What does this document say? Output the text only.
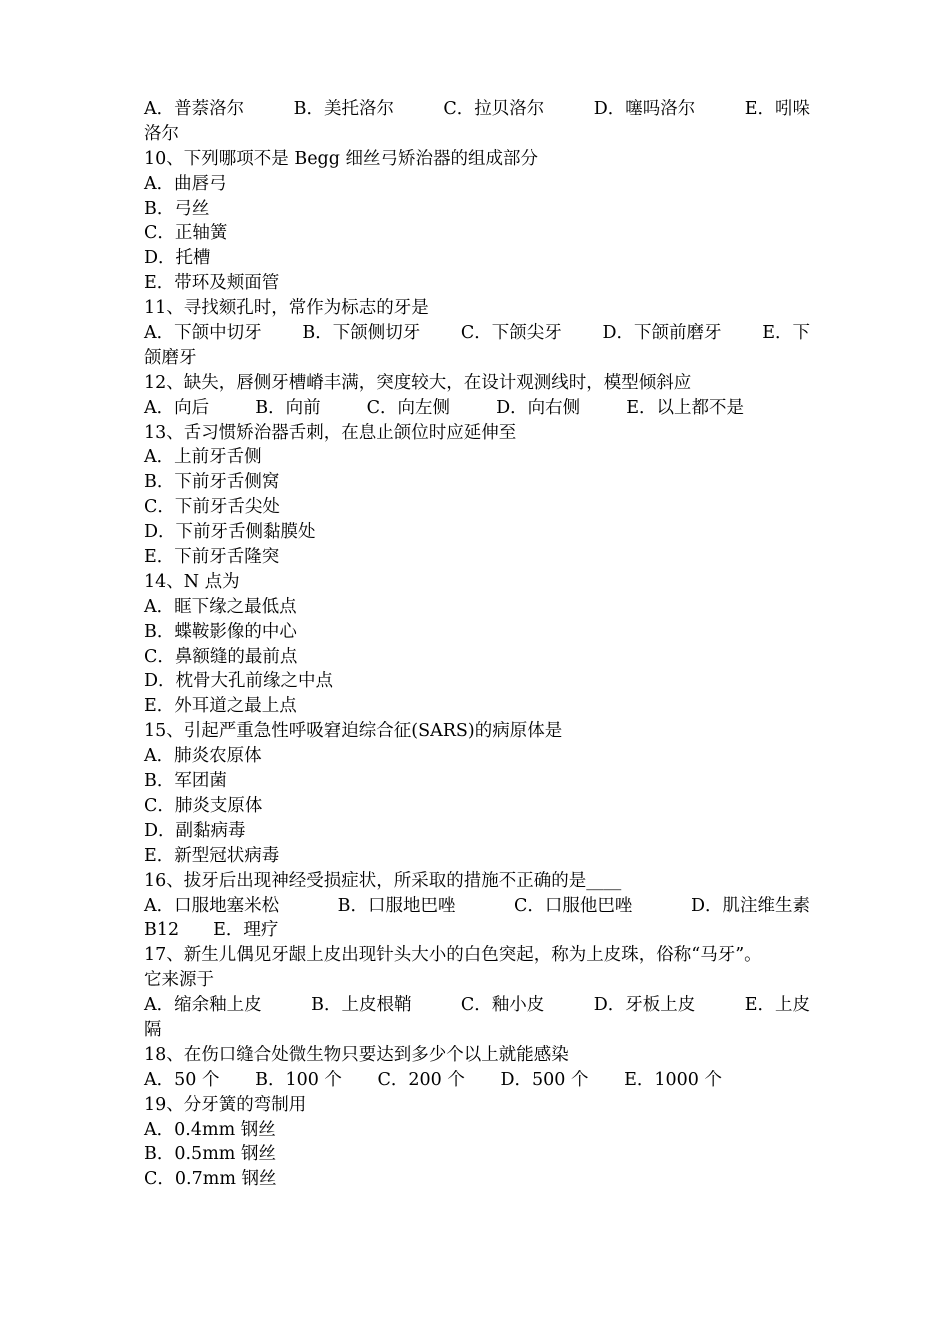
A．普萘洛尔	B．美托洛尔	C．拉贝洛尔	D．噻吗洛尔	E．吲哚
洛尔
10、下列哪项不是 Begg 细丝弓矫治器的组成部分
A．曲唇弓
B．弓丝
C．正轴簧
D．托槽
E．带环及颊面管
11、寻找颏孔时，常作为标志的牙是
A．下颌中切牙 B．下颌侧切牙 C．下颌尖牙 D．下颌前磨牙 E．下
颌磨牙
12、缺失，唇侧牙槽嵴丰满，突度较大，在设计观测线时，模型倾斜应
A．向后	B．向前	C．向左侧	D．向右侧	E．以上都不是
13、舌习惯矫治器舌刺，在息止颌位时应延伸至
A．上前牙舌侧
B．下前牙舌侧窝
C．下前牙舌尖处
D．下前牙舌侧黏膜处
E．下前牙舌隆突
14、N 点为
A．眶下缘之最低点
B．蝶鞍影像的中心
C．鼻额缝的最前点
D．枕骨大孔前缘之中点
E．外耳道之最上点
15、引起严重急性呼吸窘迫综合征(SARS)的病原体是
A．肺炎农原体
B．军团菌
C．肺炎支原体
D．副黏病毒
E．新型冠状病毒
16、拔牙后出现神经受损症状，所采取的措施不正确的是____
A．口服地塞米松	B．口服地巴唑	C．口服他巴唑	D．肌注维生素
B12 E．理疗
17、新生儿偶见牙龈上皮出现针头大小的白色突起，称为上皮珠，俗称“马牙”。
它来源于
A．缩余釉上皮	B．上皮根鞘	C．釉小皮	D．牙板上皮	E．上皮
隔
18、在伤口缝合处微生物只要达到多少个以上就能感染
A．50 个 B．100 个 C．200 个 D．500 个 E．1000 个
19、分牙簧的弯制用
A．0.4mm 钢丝
B．0.5mm 钢丝
C．0.7mm 钢丝
